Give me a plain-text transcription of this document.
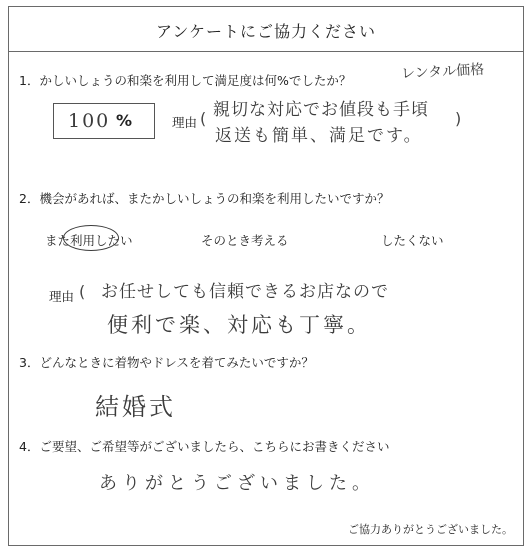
アンケートにご協力ください
1．かしいしょうの和楽を利用して満足度は何%でしたか？	レンタル価格
100 %	理由 ( 親切な対応でお値段も手頃
返送も簡単、満足です。
)
2．機会があれば、またかしいしょうの和楽を利用したいですか？
また利用したい	そのとき考える	したくない
理由 ( お任せしても信頼できるお店なので
便利で楽、対応も丁寧。
3．どんなときに着物やドレスを着てみたいですか？
結婚式
4．ご要望、ご希望等がございましたら、こちらにお書きください
ありがとうございました。
ご協力ありがとうございました。
